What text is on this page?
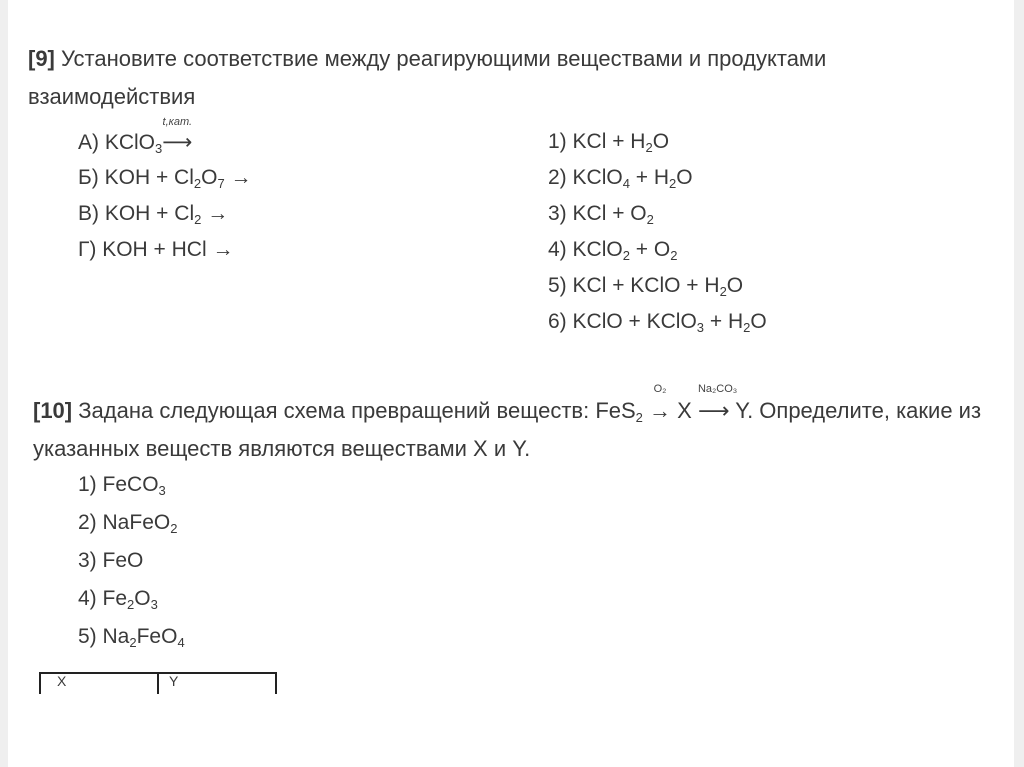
[9] Установите соответствие между реагирующими веществами и продуктами
взаимодействия
А) KClO$_3$
t,кат.
⟶
Б) KOH + $Cl_2O_7$ →
В) KOH + $Cl_2$ →
Г) KOH + HCl →
1) KCl + $H_2O$
2) KClO$_4$ + $H_2O$
3) KCl + $O_2$
4) KClO$_2$ + $O_2$
5) KCl + KClO + $H_2O$
6) KClO + KClO$_3$ + $H_2O$
[10] Задана следующая схема превращений веществ: FeS$_2$
O₂
→ X
Na₂CO₃
⟶ Y. Определите, какие из
указанных веществ являются веществами X и Y.
1) FeCO$_3$
2) NaFeO$_2$
3) FeO
4) $Fe_2O_3$
5) $Na_2FeO_4$
X	Y
